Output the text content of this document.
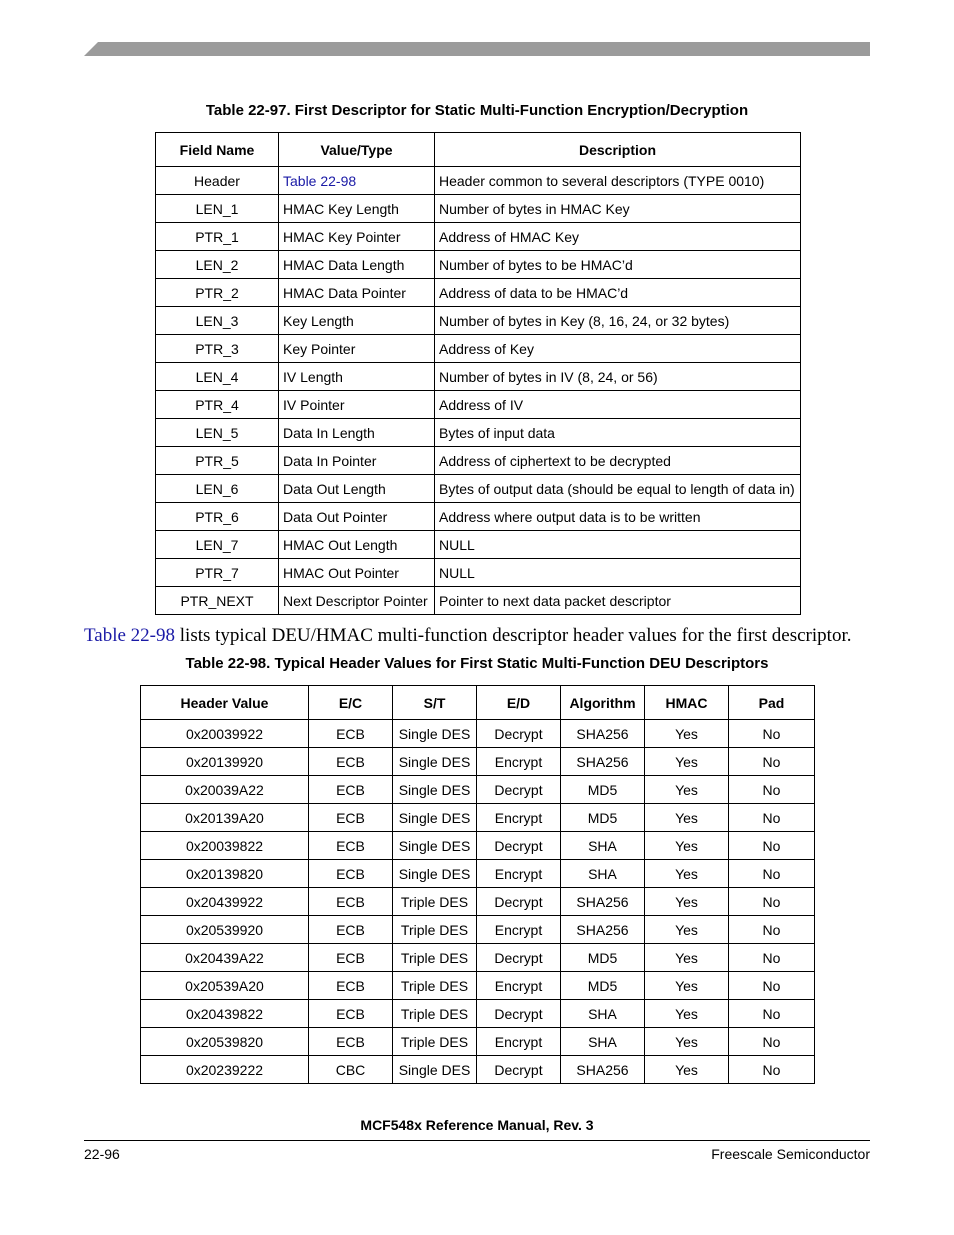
Table 22-97. First Descriptor for Static Multi-Function Encryption/Decryption
Field Name	Value/Type	Description
Header	Table 22-98	Header common to several descriptors (TYPE 0010)
LEN_1	HMAC Key Length	Number of bytes in HMAC Key
PTR_1	HMAC Key Pointer	Address of HMAC Key
LEN_2	HMAC Data Length	Number of bytes to be HMAC’d
PTR_2	HMAC Data Pointer	Address of data to be HMAC’d
LEN_3	Key Length	Number of bytes in Key (8, 16, 24, or 32 bytes)
PTR_3	Key Pointer	Address of Key
LEN_4	IV Length	Number of bytes in IV (8, 24, or 56)
PTR_4	IV Pointer	Address of IV
LEN_5	Data In Length	Bytes of input data
PTR_5	Data In Pointer	Address of ciphertext to be decrypted
LEN_6	Data Out Length	Bytes of output data (should be equal to length of data in)
PTR_6	Data Out Pointer	Address where output data is to be written
LEN_7	HMAC Out Length	NULL
PTR_7	HMAC Out Pointer	NULL
PTR_NEXT	Next Descriptor Pointer	Pointer to next data packet descriptor
Table 22-98 lists typical DEU/HMAC multi-function descriptor header values for the first descriptor.
Table 22-98. Typical Header Values for First Static Multi-Function DEU Descriptors
Header Value	E/C	S/T	E/D	Algorithm	HMAC	Pad
0x20039922	ECB	Single DES	Decrypt	SHA256	Yes	No
0x20139920	ECB	Single DES	Encrypt	SHA256	Yes	No
0x20039A22	ECB	Single DES	Decrypt	MD5	Yes	No
0x20139A20	ECB	Single DES	Encrypt	MD5	Yes	No
0x20039822	ECB	Single DES	Decrypt	SHA	Yes	No
0x20139820	ECB	Single DES	Encrypt	SHA	Yes	No
0x20439922	ECB	Triple DES	Decrypt	SHA256	Yes	No
0x20539920	ECB	Triple DES	Encrypt	SHA256	Yes	No
0x20439A22	ECB	Triple DES	Decrypt	MD5	Yes	No
0x20539A20	ECB	Triple DES	Encrypt	MD5	Yes	No
0x20439822	ECB	Triple DES	Decrypt	SHA	Yes	No
0x20539820	ECB	Triple DES	Encrypt	SHA	Yes	No
0x20239222	CBC	Single DES	Decrypt	SHA256	Yes	No
MCF548x Reference Manual, Rev. 3
22-96	Freescale Semiconductor
